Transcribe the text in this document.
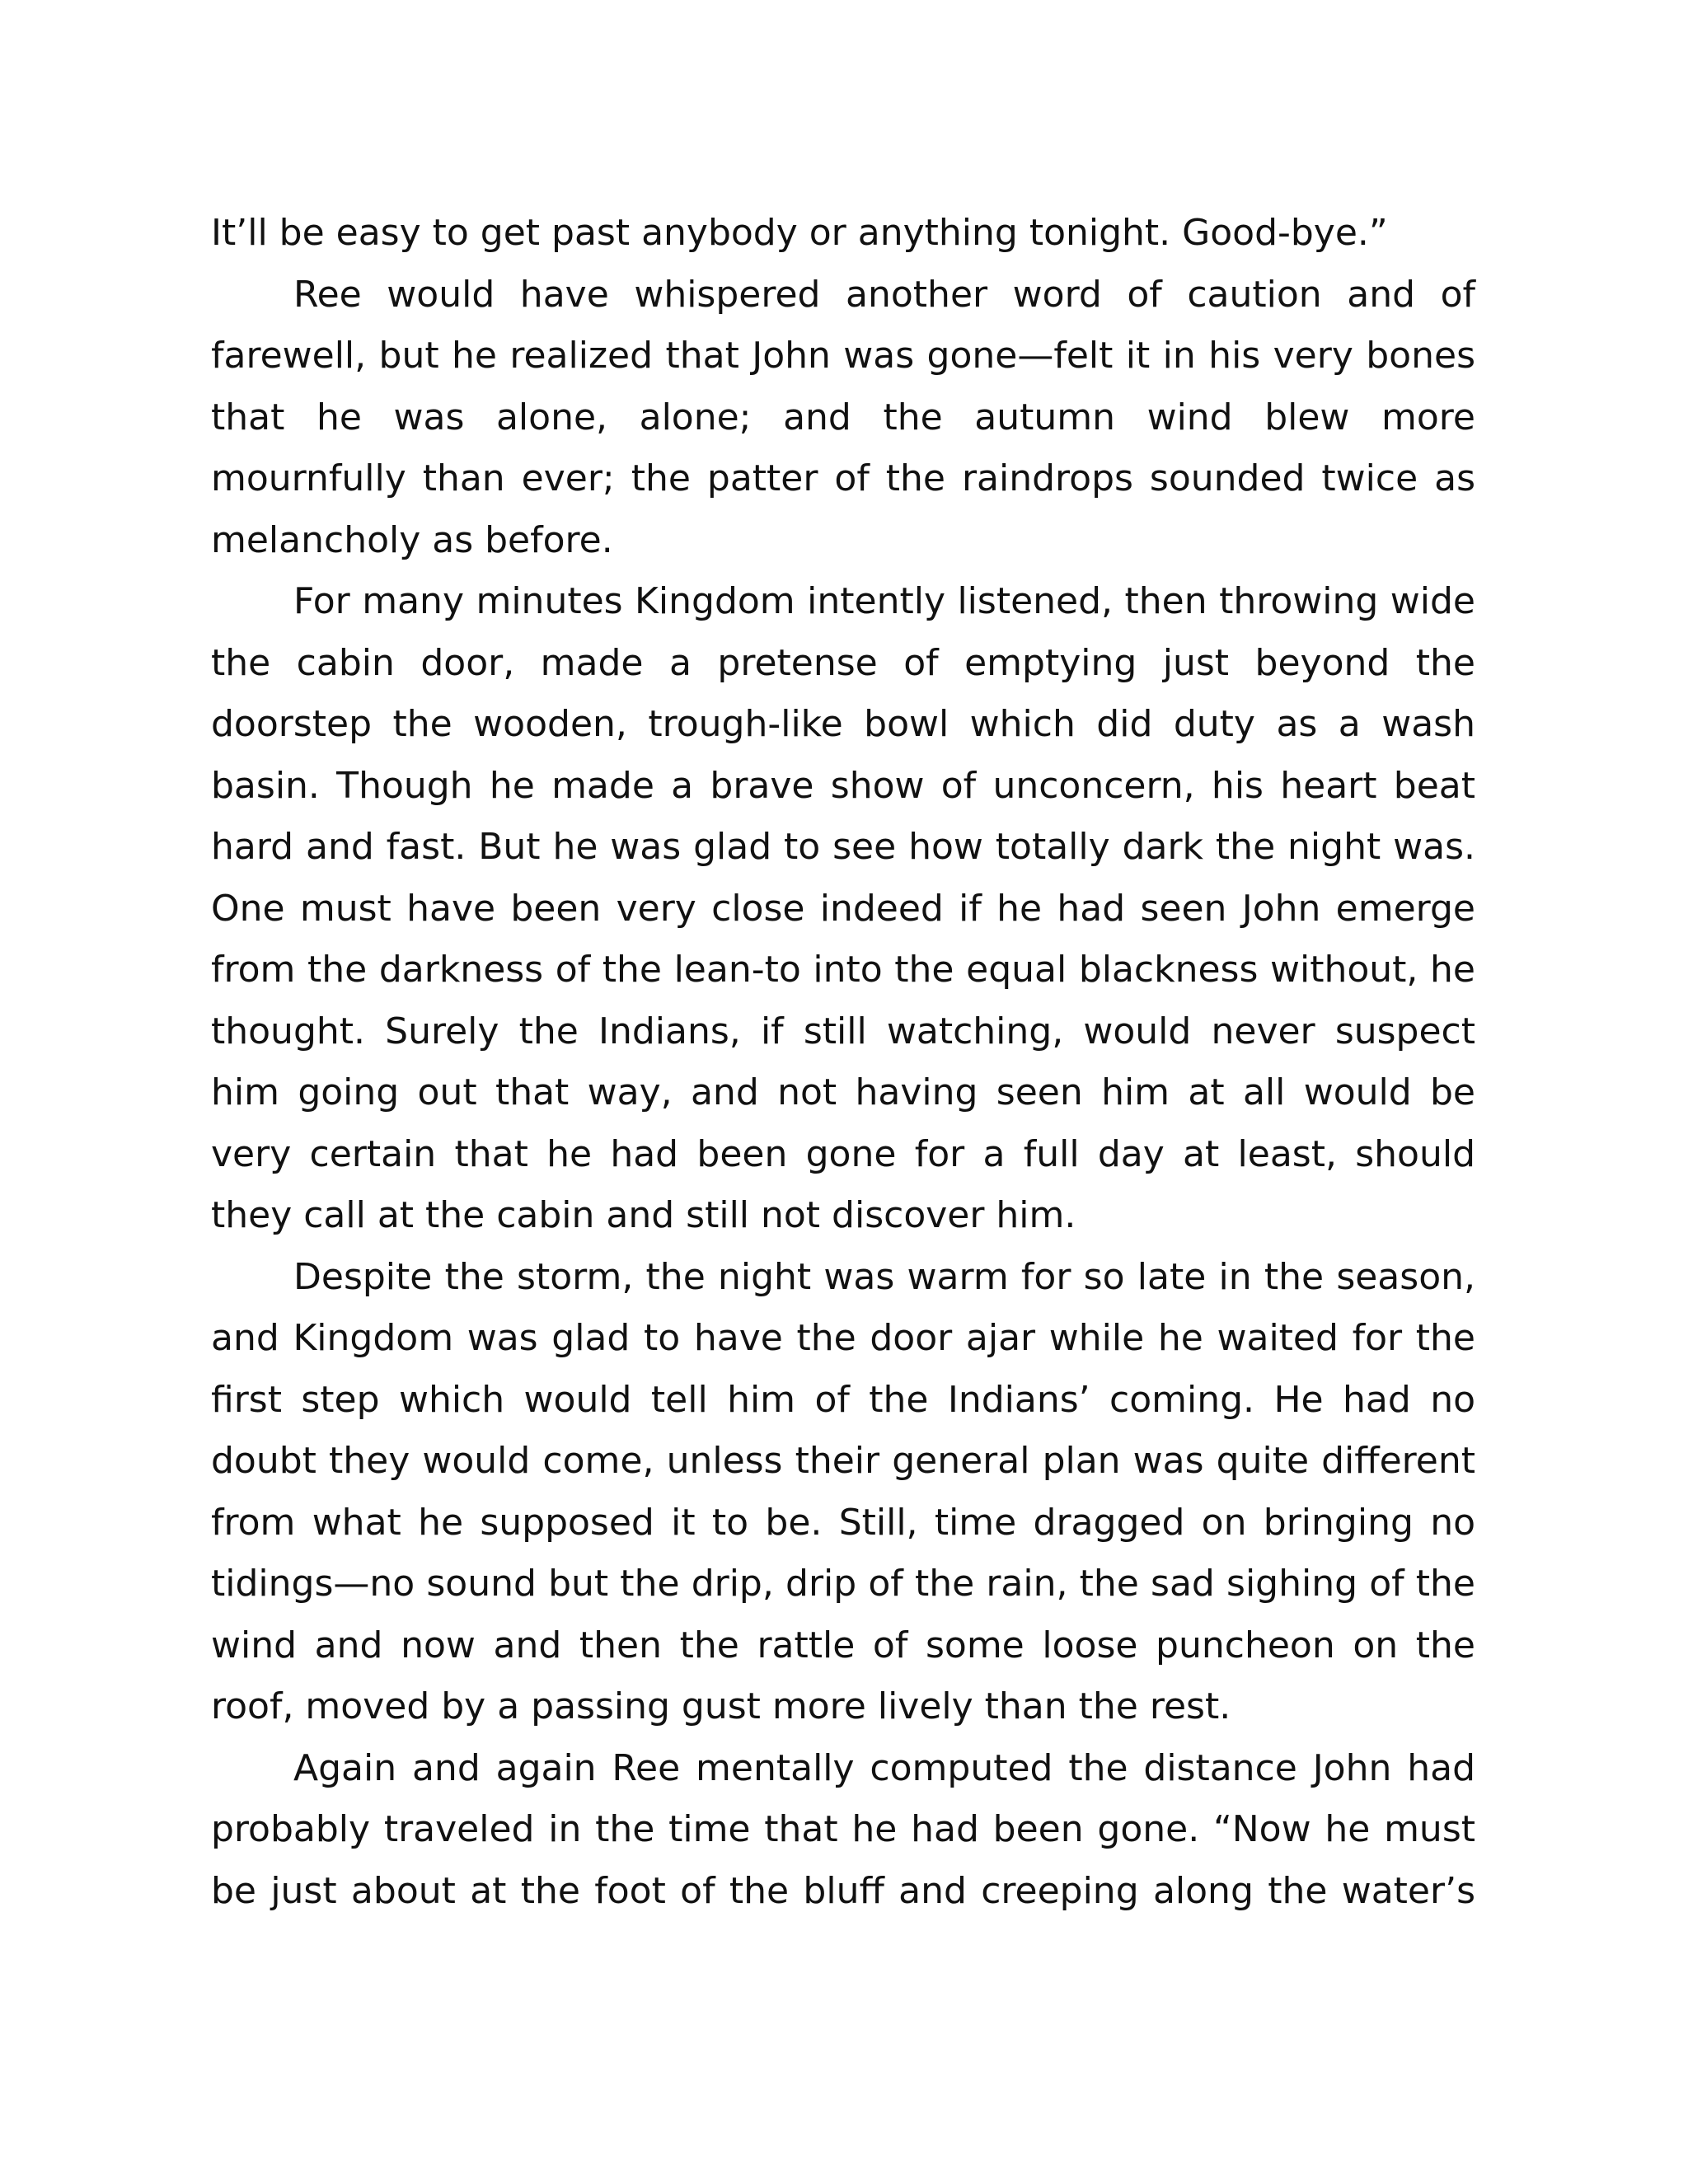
It’ll be easy to get past anybody or anything tonight. Good-bye.”

Ree would have whispered another word of caution and of farewell, but he realized that John was gone—felt it in his very bones that he was alone, alone; and the autumn wind blew more mournfully than ever; the patter of the raindrops sounded twice as melancholy as before.

For many minutes Kingdom intently listened, then throwing wide the cabin door, made a pretense of emptying just beyond the doorstep the wooden, trough-like bowl which did duty as a wash basin. Though he made a brave show of unconcern, his heart beat hard and fast. But he was glad to see how totally dark the night was. One must have been very close indeed if he had seen John emerge from the darkness of the lean-to into the equal blackness without, he thought. Surely the Indians, if still watching, would never suspect him going out that way, and not having seen him at all would be very certain that he had been gone for a full day at least, should they call at the cabin and still not discover him.

Despite the storm, the night was warm for so late in the season, and Kingdom was glad to have the door ajar while he waited for the first step which would tell him of the Indians’ coming. He had no doubt they would come, unless their general plan was quite different from what he supposed it to be. Still, time dragged on bringing no tidings—no sound but the drip, drip of the rain, the sad sighing of the wind and now and then the rattle of some loose puncheon on the roof, moved by a passing gust more lively than the rest.

Again and again Ree mentally computed the distance John had probably traveled in the time that he had been gone. “Now he must be just about at the foot of the bluff and creeping along the water’s
